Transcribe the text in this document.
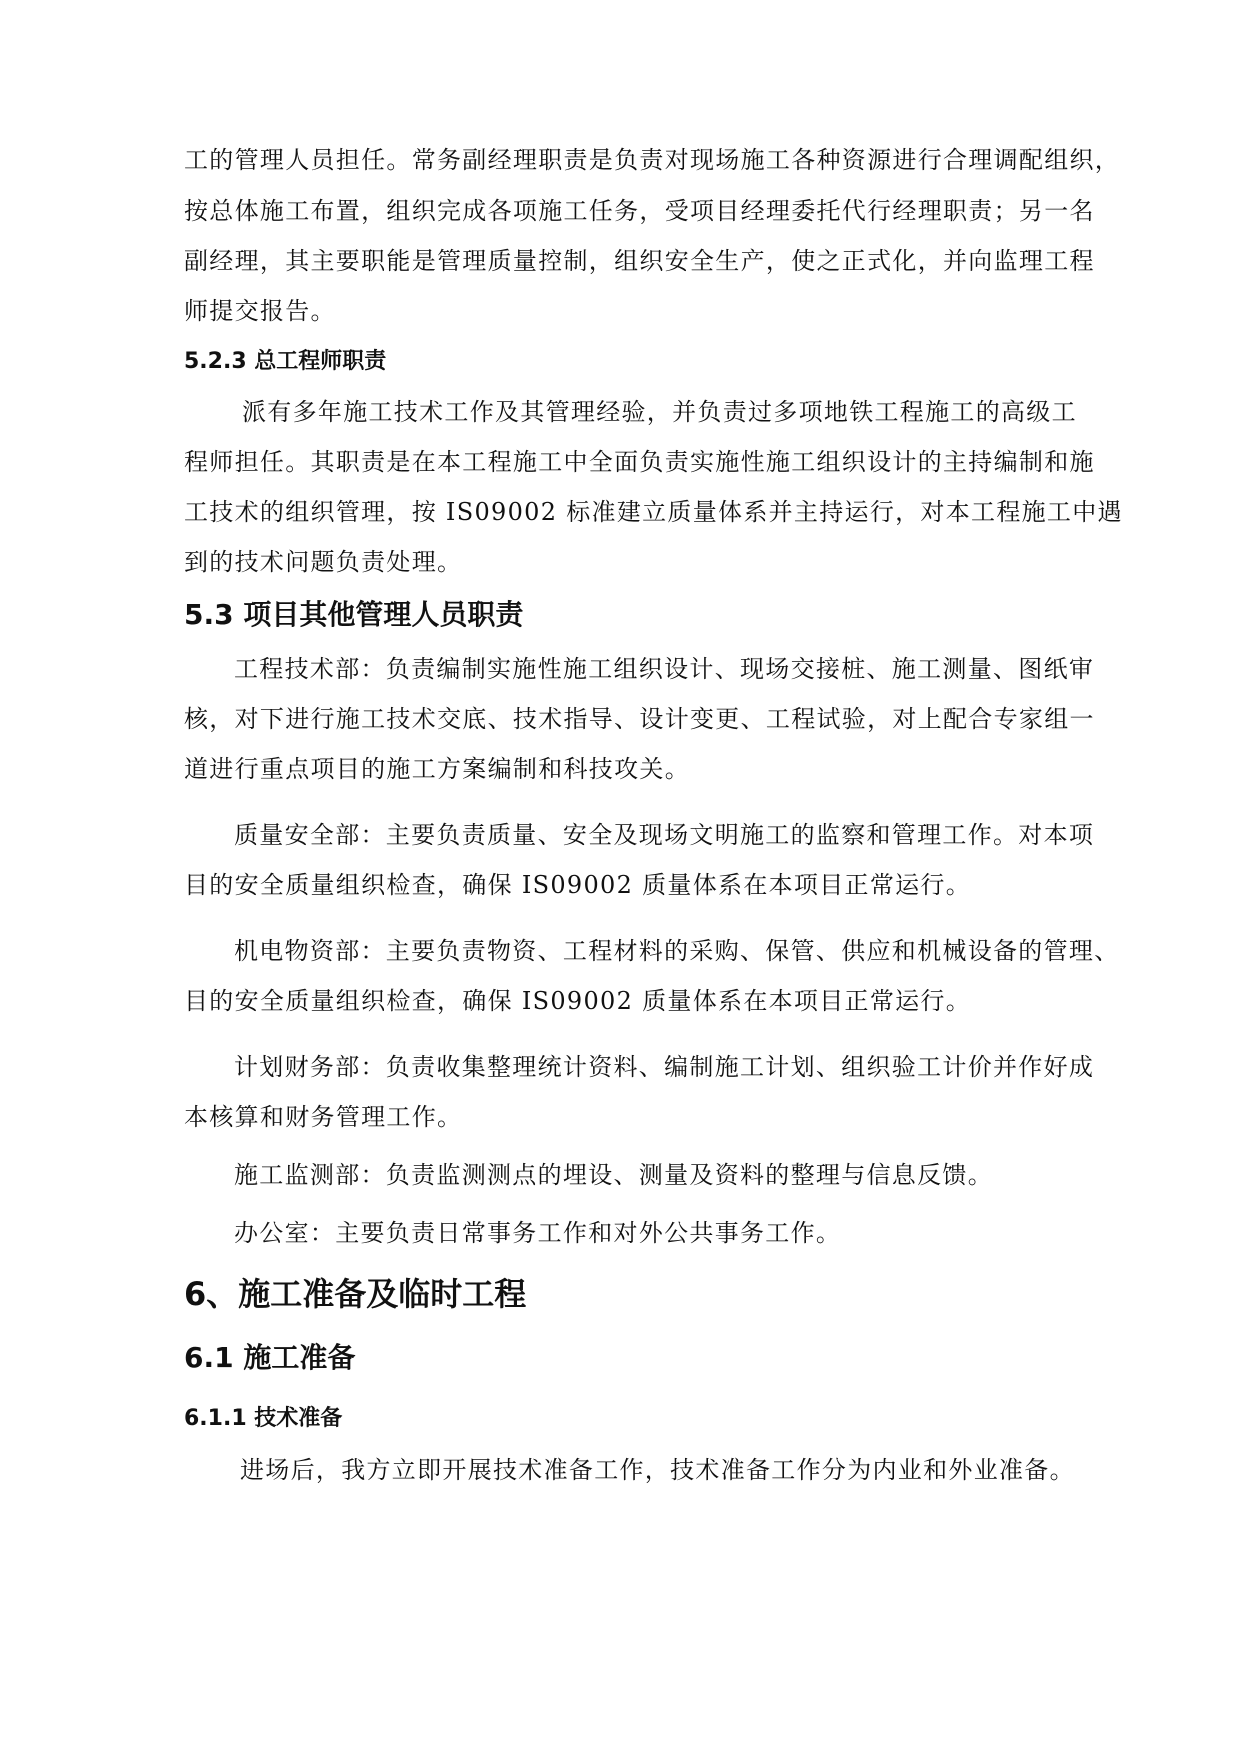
工的管理人员担任。常务副经理职责是负责对现场施工各种资源进行合理调配组织，
按总体施工布置，组织完成各项施工任务，受项目经理委托代行经理职责；另一名
副经理，其主要职能是管理质量控制，组织安全生产，使之正式化，并向监理工程
师提交报告。
5.2.3 总工程师职责
派有多年施工技术工作及其管理经验，并负责过多项地铁工程施工的高级工
程师担任。其职责是在本工程施工中全面负责实施性施工组织设计的主持编制和施
工技术的组织管理，按 IS09002 标准建立质量体系并主持运行，对本工程施工中遇
到的技术问题负责处理。
5.3 项目其他管理人员职责
工程技术部：负责编制实施性施工组织设计、现场交接桩、施工测量、图纸审
核，对下进行施工技术交底、技术指导、设计变更、工程试验，对上配合专家组一
道进行重点项目的施工方案编制和科技攻关。
质量安全部：主要负责质量、安全及现场文明施工的监察和管理工作。对本项
目的安全质量组织检查，确保 IS09002 质量体系在本项目正常运行。
机电物资部：主要负责物资、工程材料的采购、保管、供应和机械设备的管理、
目的安全质量组织检查，确保 IS09002 质量体系在本项目正常运行。
计划财务部：负责收集整理统计资料、编制施工计划、组织验工计价并作好成
本核算和财务管理工作。
施工监测部：负责监测测点的埋设、测量及资料的整理与信息反馈。
办公室：主要负责日常事务工作和对外公共事务工作。
6、施工准备及临时工程
6.1 施工准备
6.1.1 技术准备
进场后，我方立即开展技术准备工作，技术准备工作分为内业和外业准备。
